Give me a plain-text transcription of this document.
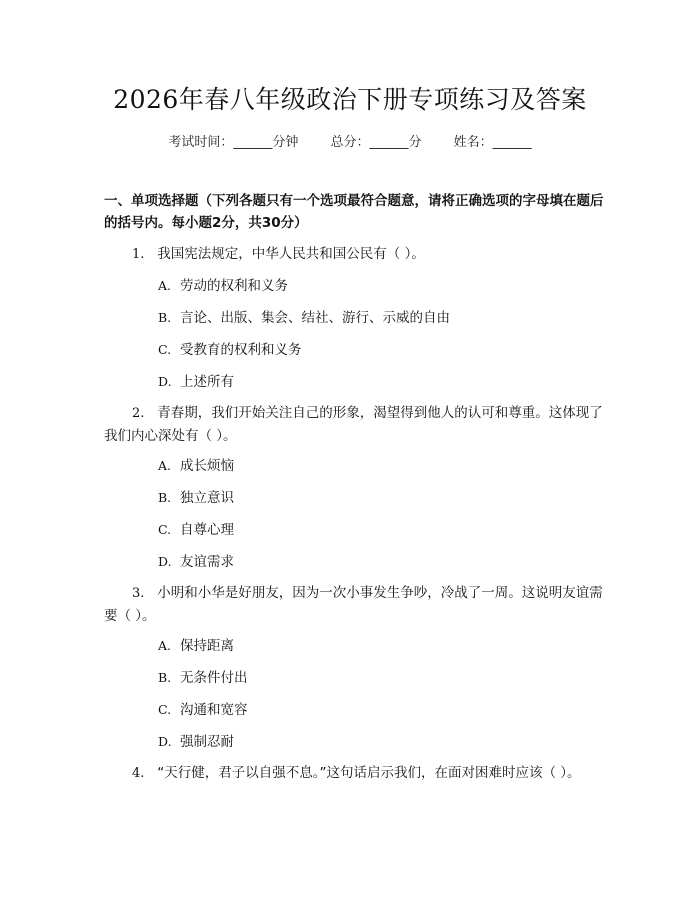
2026年春八年级政治下册专项练习及答案
考试时间：______分钟 总分：______分 姓名：______
一、单项选择题（下列各题只有一个选项最符合题意，请将正确选项的字母填在题后的括号内。每小题2分，共30分）
1. 我国宪法规定，中华人民共和国公民有（ ）。
A. 劳动的权利和义务
B. 言论、出版、集会、结社、游行、示威的自由
C. 受教育的权利和义务
D. 上述所有
2. 青春期，我们开始关注自己的形象，渴望得到他人的认可和尊重。这体现了我们内心深处有（ ）。
A. 成长烦恼
B. 独立意识
C. 自尊心理
D. 友谊需求
3. 小明和小华是好朋友，因为一次小事发生争吵，冷战了一周。这说明友谊需要（ ）。
A. 保持距离
B. 无条件付出
C. 沟通和宽容
D. 强制忍耐
4. “天行健，君子以自强不息。”这句话启示我们，在面对困难时应该（ ）。
